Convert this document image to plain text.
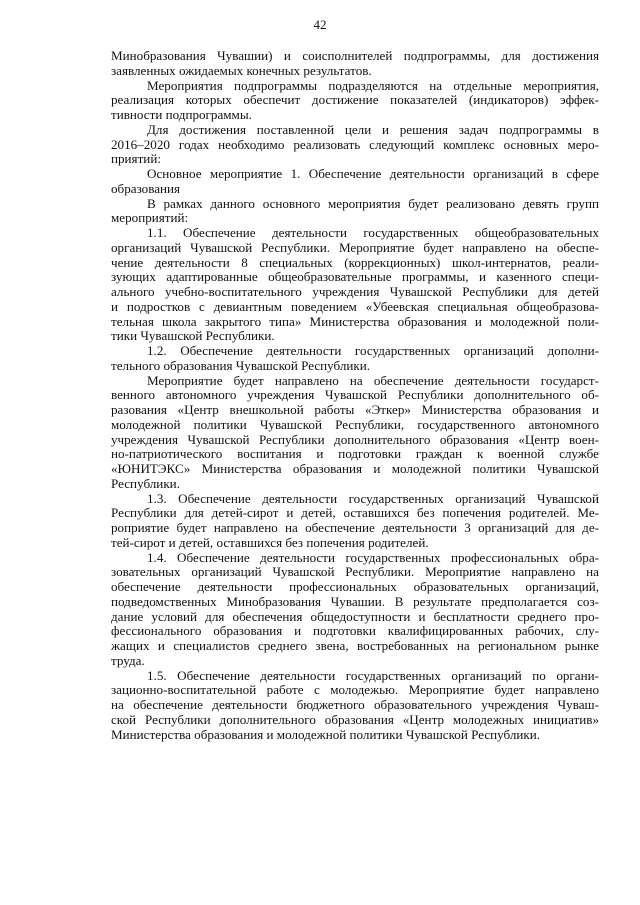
42
Минобразования Чувашии) и соисполнителей подпрограммы, для достижения
заявленных ожидаемых конечных результатов.
Мероприятия подпрограммы подразделяются на отдельные мероприятия,
реализация которых обеспечит достижение показателей (индикаторов) эффек-
тивности подпрограммы.
Для достижения поставленной цели и решения задач подпрограммы в
2016–2020 годах необходимо реализовать следующий комплекс основных меро-
приятий:
Основное мероприятие 1. Обеспечение деятельности организаций в сфере
образования
В рамках данного основного мероприятия будет реализовано девять групп
мероприятий:
1.1. Обеспечение деятельности государственных общеобразовательных
организаций Чувашской Республики. Мероприятие будет направлено на обеспе-
чение деятельности 8 специальных (коррекционных) школ-интернатов, реали-
зующих адаптированные общеобразовательные программы, и казенного специ-
ального учебно-воспитательного учреждения Чувашской Республики для детей
и подростков с девиантным поведением «Убеевская специальная общеобразова-
тельная школа закрытого типа» Министерства образования и молодежной поли-
тики Чувашской Республики.
1.2. Обеспечение деятельности государственных организаций дополни-
тельного образования Чувашской Республики.
Мероприятие будет направлено на обеспечение деятельности государст-
венного автономного учреждения Чувашской Республики дополнительного об-
разования «Центр внешкольной работы «Эткер» Министерства образования и
молодежной политики Чувашской Республики, государственного автономного
учреждения Чувашской Республики дополнительного образования «Центр воен-
но-патриотического воспитания и подготовки граждан к военной службе
«ЮНИТЭКС» Министерства образования и молодежной политики Чувашской
Республики.
1.3. Обеспечение деятельности государственных организаций Чувашской
Республики для детей-сирот и детей, оставшихся без попечения родителей. Ме-
роприятие будет направлено на обеспечение деятельности 3 организаций для де-
тей-сирот и детей, оставшихся без попечения родителей.
1.4. Обеспечение деятельности государственных профессиональных обра-
зовательных организаций Чувашской Республики. Мероприятие направлено на
обеспечение деятельности профессиональных образовательных организаций,
подведомственных Минобразования Чувашии. В результате предполагается соз-
дание условий для обеспечения общедоступности и бесплатности среднего про-
фессионального образования и подготовки квалифицированных рабочих, слу-
жащих и специалистов среднего звена, востребованных на региональном рынке
труда.
1.5. Обеспечение деятельности государственных организаций по органи-
зационно-воспитательной работе с молодежью. Мероприятие будет направлено
на обеспечение деятельности бюджетного образовательного учреждения Чуваш-
ской Республики дополнительного образования «Центр молодежных инициатив»
Министерства образования и молодежной политики Чувашской Республики.
